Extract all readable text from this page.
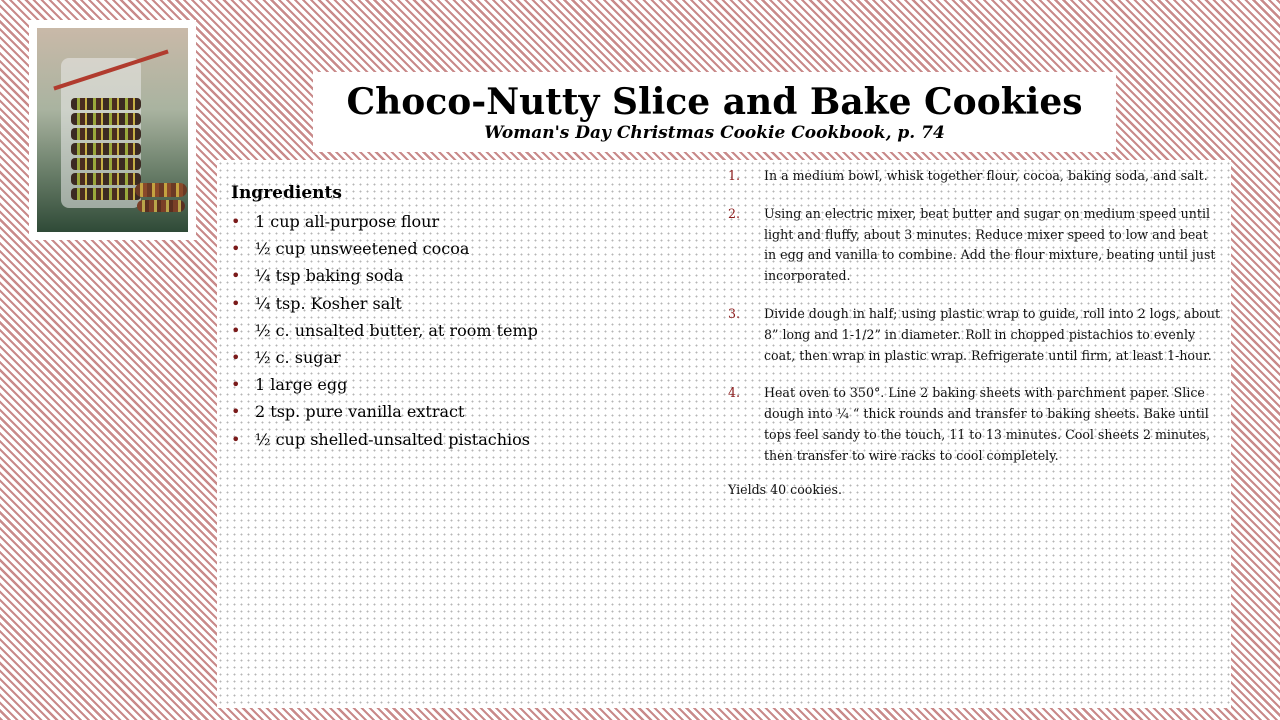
Choco-Nutty Slice and Bake Cookies
Woman's Day Christmas Cookie Cookbook, p. 74
Ingredients
• 1 cup all-purpose flour
• ½ cup unsweetened cocoa
• ¼ tsp baking soda
• ¼ tsp. Kosher salt
• ½ c. unsalted butter, at room temp
• ½ c. sugar
• 1 large egg
• 2 tsp. pure vanilla extract
• ½ cup shelled-unsalted pistachios
1. In a medium bowl, whisk together flour, cocoa, baking soda, and salt.
2. Using an electric mixer, beat butter and sugar on medium speed until light and fluffy, about 3 minutes. Reduce mixer speed to low and beat in egg and vanilla to combine. Add the flour mixture, beating until just incorporated.
3. Divide dough in half; using plastic wrap to guide, roll into 2 logs, about 8” long and 1-1/2” in diameter. Roll in chopped pistachios to evenly coat, then wrap in plastic wrap. Refrigerate until firm, at least 1-hour.
4. Heat oven to 350°. Line 2 baking sheets with parchment paper. Slice dough into ¼ “ thick rounds and transfer to baking sheets. Bake until tops feel sandy to the touch, 11 to 13 minutes. Cool sheets 2 minutes, then transfer to wire racks to cool completely.
Yields 40 cookies.
